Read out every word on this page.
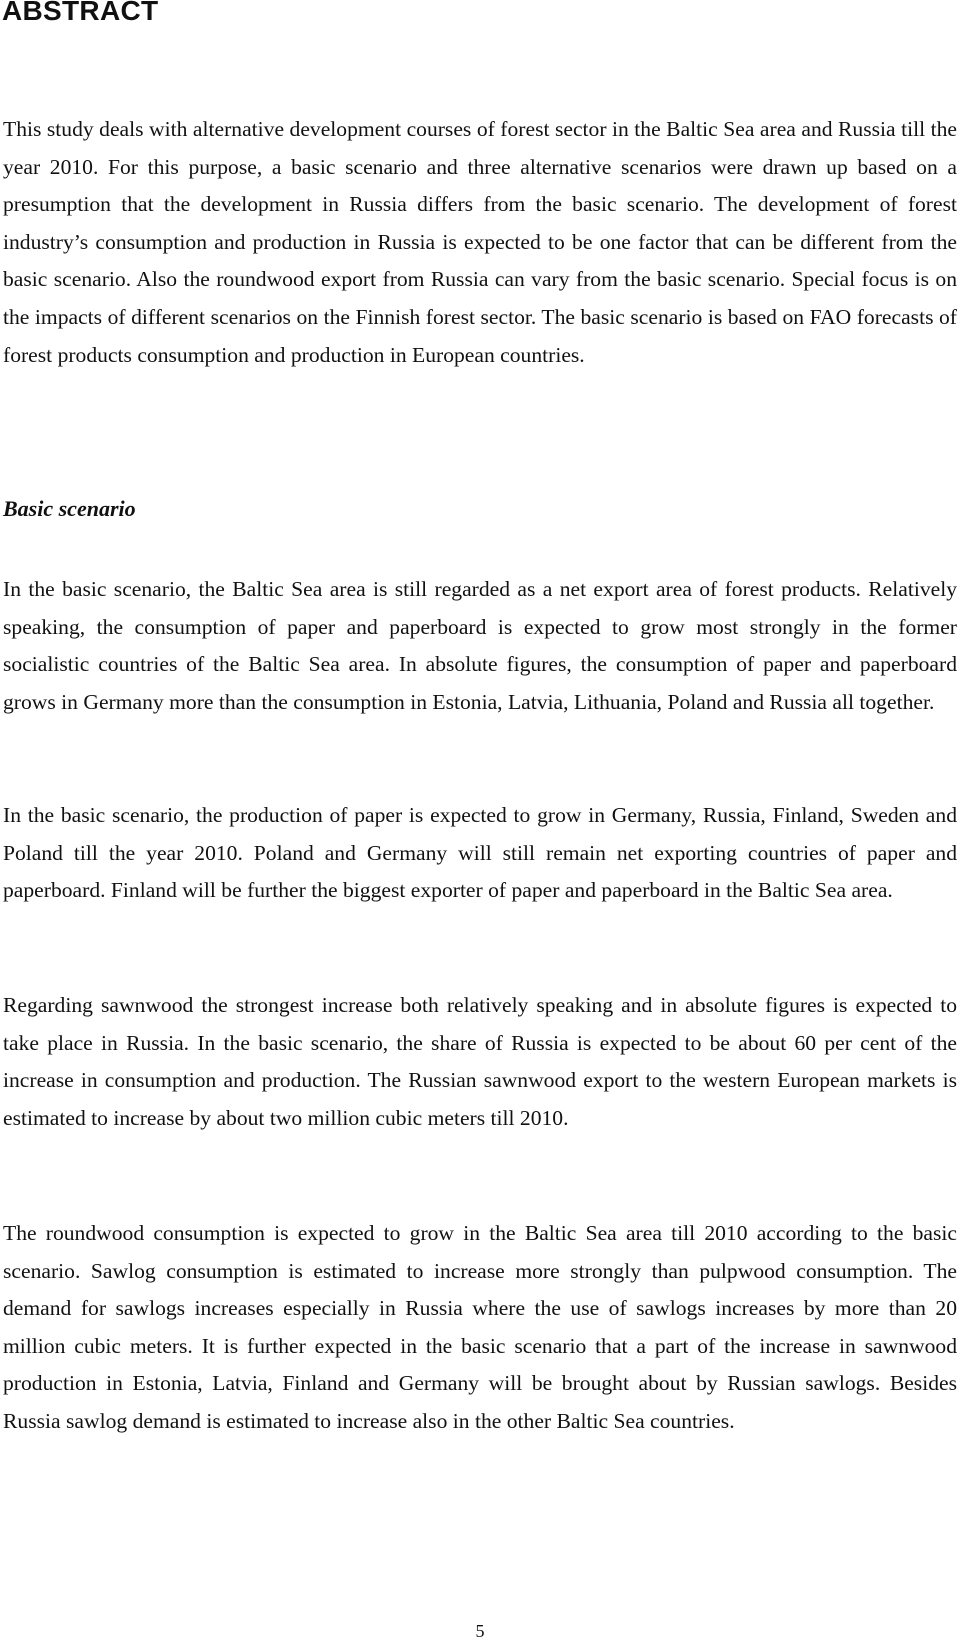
ABSTRACT

This study deals with alternative development courses of forest sector in the Baltic Sea area and Russia till the year 2010. For this purpose, a basic scenario and three alternative scenarios were drawn up based on a presumption that the development in Russia differs from the basic scenario. The development of forest industry’s consumption and production in Russia is expected to be one factor that can be different from the basic scenario. Also the roundwood export from Russia can vary from the basic scenario. Special focus is on the impacts of different scenarios on the Finnish forest sector. The basic scenario is based on FAO forecasts of forest products consumption and production in European countries.

Basic scenario

In the basic scenario, the Baltic Sea area is still regarded as a net export area of forest products. Relatively speaking, the consumption of paper and paperboard is expected to grow most strongly in the former socialistic countries of the Baltic Sea area. In absolute figures, the consumption of paper and paperboard grows in Germany more than the consumption in Estonia, Latvia, Lithuania, Poland and Russia all together.

In the basic scenario, the production of paper is expected to grow in Germany, Russia, Finland, Sweden and Poland till the year 2010. Poland and Germany will still remain net exporting countries of paper and paperboard. Finland will be further the biggest exporter of paper and paperboard in the Baltic Sea area.

Regarding sawnwood the strongest increase both relatively speaking and in absolute figures is expected to take place in Russia. In the basic scenario, the share of Russia is expected to be about 60 per cent of the increase in consumption and production. The Russian sawnwood export to the western European markets is estimated to increase by about two million cubic meters till 2010.

The roundwood consumption is expected to grow in the Baltic Sea area till 2010 according to the basic scenario. Sawlog consumption is estimated to increase more strongly than pulpwood consumption. The demand for sawlogs increases especially in Russia where the use of sawlogs increases by more than 20 million cubic meters. It is further expected in the basic scenario that a part of the increase in sawnwood production in Estonia, Latvia, Finland and Germany will be brought about by Russian sawlogs. Besides Russia sawlog demand is estimated to increase also in the other Baltic Sea countries.

5
